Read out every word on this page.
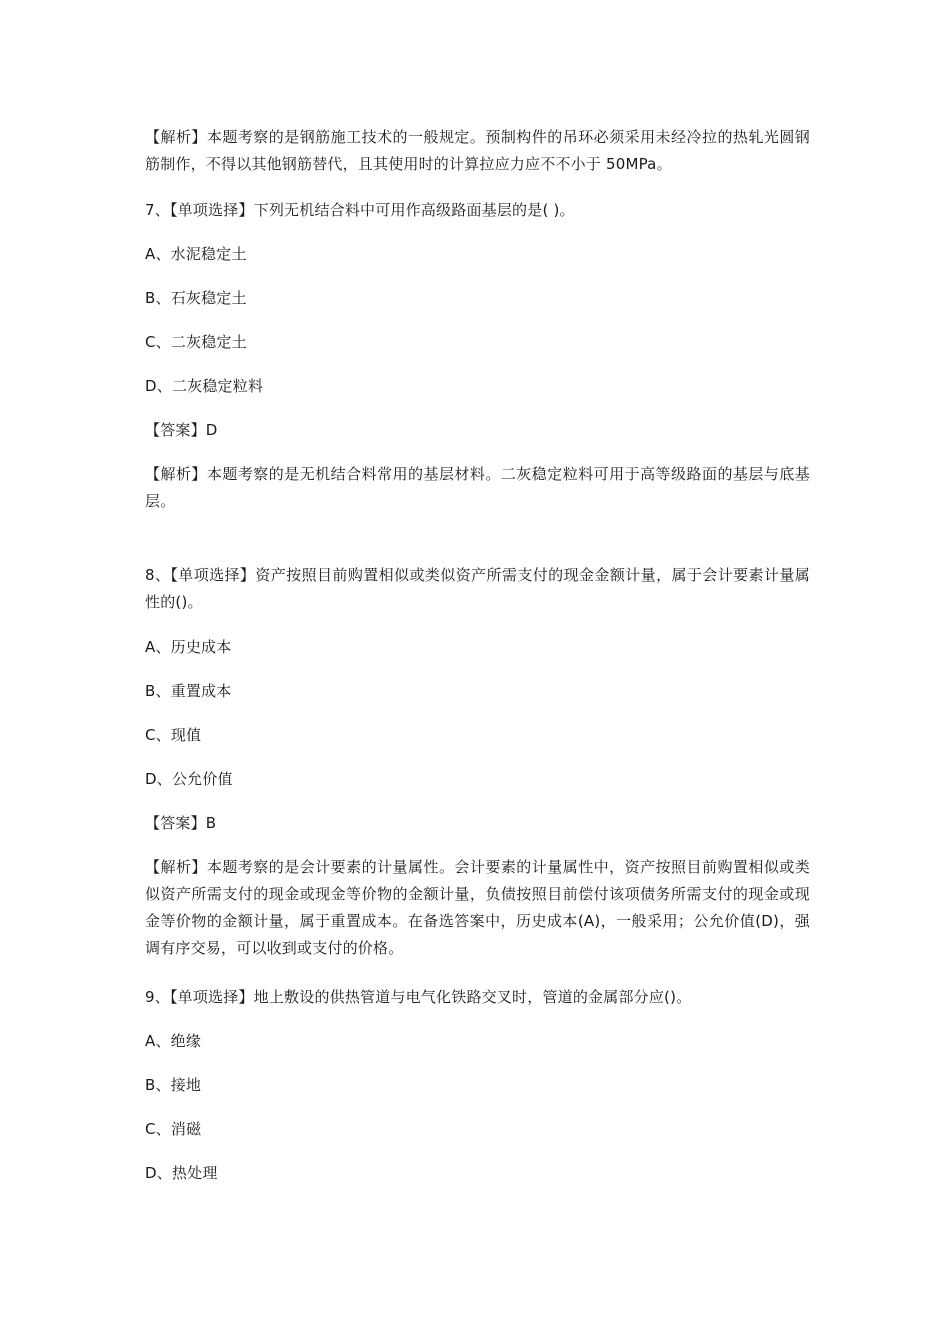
【解析】本题考察的是钢筋施工技术的一般规定。预制构件的吊环必须采用未经冷拉的热轧光圆钢筋制作，不得以其他钢筋替代，且其使用时的计算拉应力应不不小于 50MPa。

7、【单项选择】下列无机结合料中可用作高级路面基层的是( )。

A、水泥稳定土

B、石灰稳定土

C、二灰稳定土

D、二灰稳定粒料

【答案】D

【解析】本题考察的是无机结合料常用的基层材料。二灰稳定粒料可用于高等级路面的基层与底基层。

8、【单项选择】资产按照目前购置相似或类似资产所需支付的现金金额计量，属于会计要素计量属性的()。

A、历史成本

B、重置成本

C、现值

D、公允价值

【答案】B

【解析】本题考察的是会计要素的计量属性。会计要素的计量属性中，资产按照目前购置相似或类似资产所需支付的现金或现金等价物的金额计量，负债按照目前偿付该项债务所需支付的现金或现金等价物的金额计量，属于重置成本。在备选答案中，历史成本(A)，一般采用；公允价值(D)，强调有序交易，可以收到或支付的价格。

9、【单项选择】地上敷设的供热管道与电气化铁路交叉时，管道的金属部分应()。

A、绝缘

B、接地

C、消磁

D、热处理
